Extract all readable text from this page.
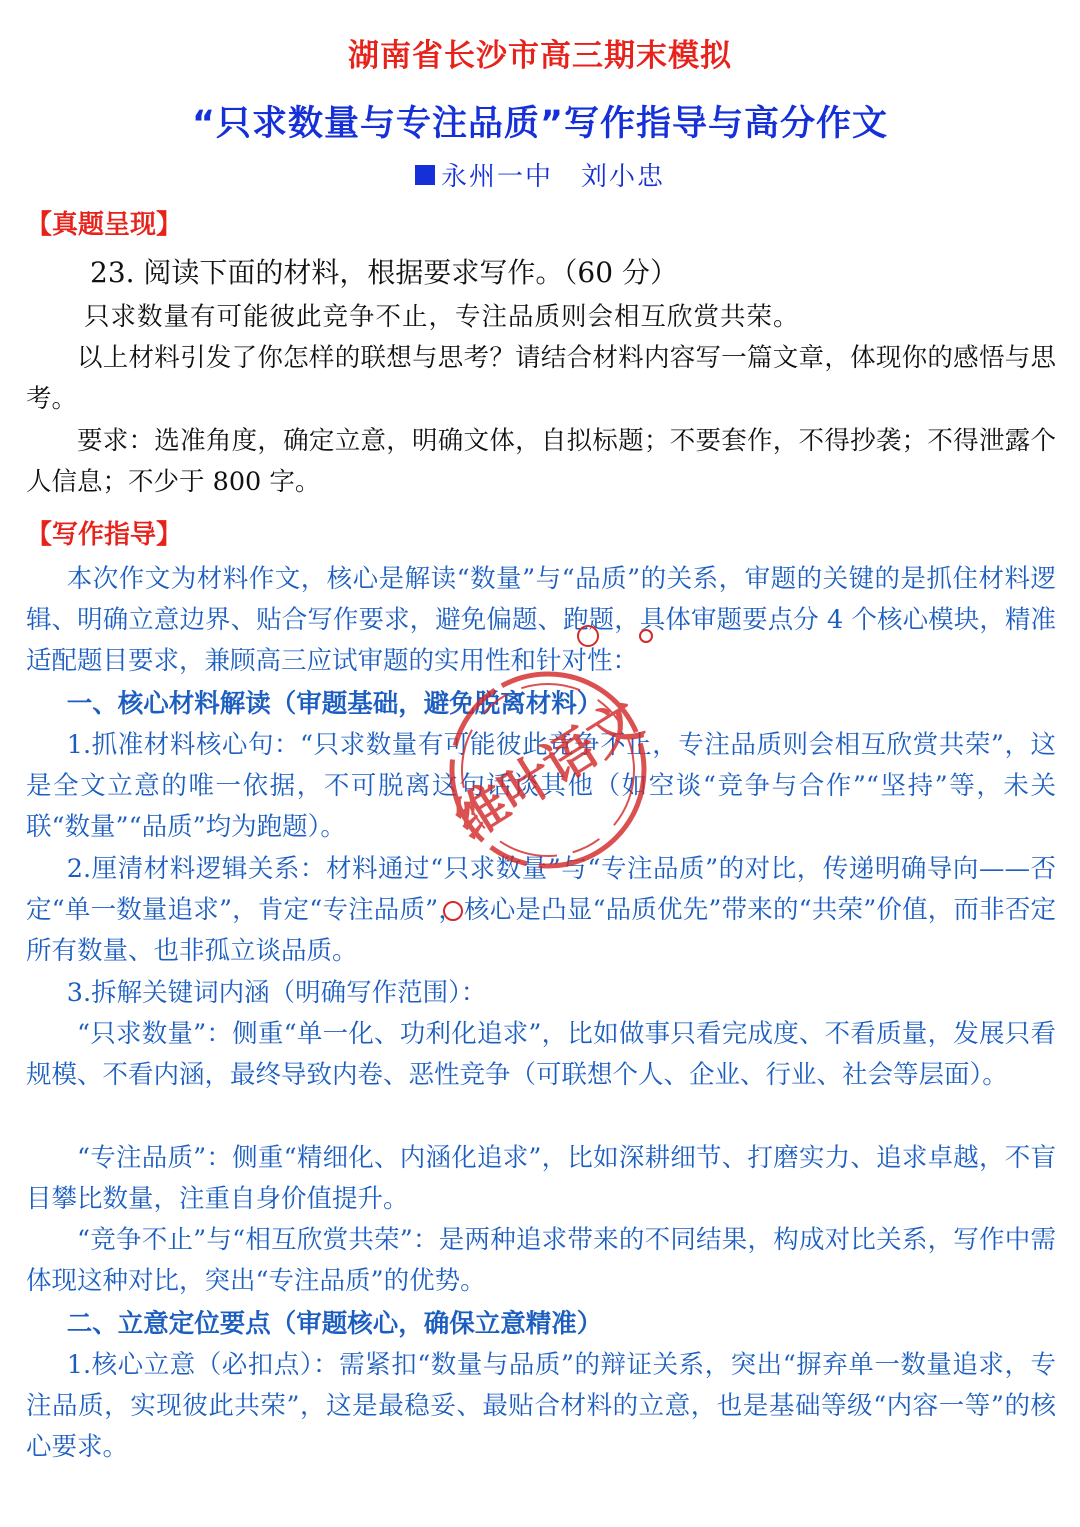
湖南省长沙市高三期末模拟
“只求数量与专注品质”写作指导与高分作文
永州一中　刘小忠
【真题呈现】

23. 阅读下面的材料，根据要求写作。（60 分）

只求数量有可能彼此竞争不止，专注品质则会相互欣赏共荣。

以上材料引发了你怎样的联想与思考？请结合材料内容写一篇文章，体现你的感悟与思考。

要求：选准角度，确定立意，明确文体，自拟标题；不要套作，不得抄袭；不得泄露个人信息；不少于 800 字。

【写作指导】

本次作文为材料作文，核心是解读“数量”与“品质”的关系，审题的关键的是抓住材料逻辑、明确立意边界、贴合写作要求，避免偏题、跑题，具体审题要点分 4 个核心模块，精准适配题目要求，兼顾高三应试审题的实用性和针对性：

一、核心材料解读（审题基础，避免脱离材料）

1.抓准材料核心句：“只求数量有可能彼此竞争不止，专注品质则会相互欣赏共荣”，这是全文立意的唯一依据，不可脱离这句话谈其他（如空谈“竞争与合作”“坚持”等，未关联“数量”“品质”均为跑题）。

2.厘清材料逻辑关系：材料通过“只求数量”与“专注品质”的对比，传递明确导向——否定“单一数量追求”，肯定“专注品质”，核心是凸显“品质优先”带来的“共荣”价值，而非否定所有数量、也非孤立谈品质。

3.拆解关键词内涵（明确写作范围）：

“只求数量”：侧重“单一化、功利化追求”，比如做事只看完成度、不看质量，发展只看规模、不看内涵，最终导致内卷、恶性竞争（可联想个人、企业、行业、社会等层面）。

“专注品质”：侧重“精细化、内涵化追求”，比如深耕细节、打磨实力、追求卓越，不盲目攀比数量，注重自身价值提升。

“竞争不止”与“相互欣赏共荣”：是两种追求带来的不同结果，构成对比关系，写作中需体现这种对比，突出“专注品质”的优势。

二、立意定位要点（审题核心，确保立意精准）

1.核心立意（必扣点）：需紧扣“数量与品质”的辩证关系，突出“摒弃单一数量追求，专注品质，实现彼此共荣”，这是最稳妥、最贴合材料的立意，也是基础等级“内容一等”的核心要求。

维叶语文
